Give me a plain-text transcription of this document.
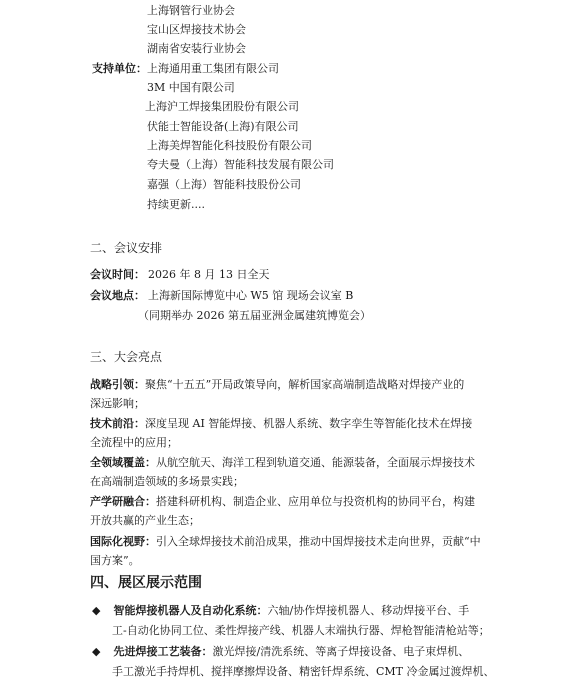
上海钢管行业协会
宝山区焊接技术协会
湖南省安装行业协会
支持单位： 上海通用重工集团有限公司
3M 中国有限公司
上海沪工焊接集团股份有限公司
伏能士智能设备(上海)有限公司
上海美焊智能化科技股份有限公司
夸夫曼（上海）智能科技发展有限公司
嘉强（上海）智能科技股份公司
持续更新....
二、会议安排
会议时间： 2026 年 8 月 13 日全天
会议地点： 上海新国际博览中心 W5 馆 现场会议室 B
（同期举办 2026 第五届亚洲金属建筑博览会）
三、大会亮点
战略引领：聚焦“十五五”开局政策导向，解析国家高端制造战略对焊接产业的
深远影响；
技术前沿：深度呈现 AI 智能焊接、机器人系统、数字孪生等智能化技术在焊接
全流程中的应用；
全领域覆盖：从航空航天、海洋工程到轨道交通、能源装备，全面展示焊接技术
在高端制造领域的多场景实践；
产学研融合：搭建科研机构、制造企业、应用单位与投资机构的协同平台，构建
开放共赢的产业生态；
国际化视野：引入全球焊接技术前沿成果，推动中国焊接技术走向世界，贡献“中
国方案”。
四、展区展示范围
◆ 智能焊接机器人及自动化系统：六轴/协作焊接机器人、移动焊接平台、手
工-自动化协同工位、柔性焊接产线、机器人末端执行器、焊枪智能清枪站等；
◆ 先进焊接工艺装备：激光焊接/清洗系统、等离子焊接设备、电子束焊机、
手工激光手持焊机、搅拌摩擦焊设备、精密钎焊系统、CMT 冷金属过渡焊机、
